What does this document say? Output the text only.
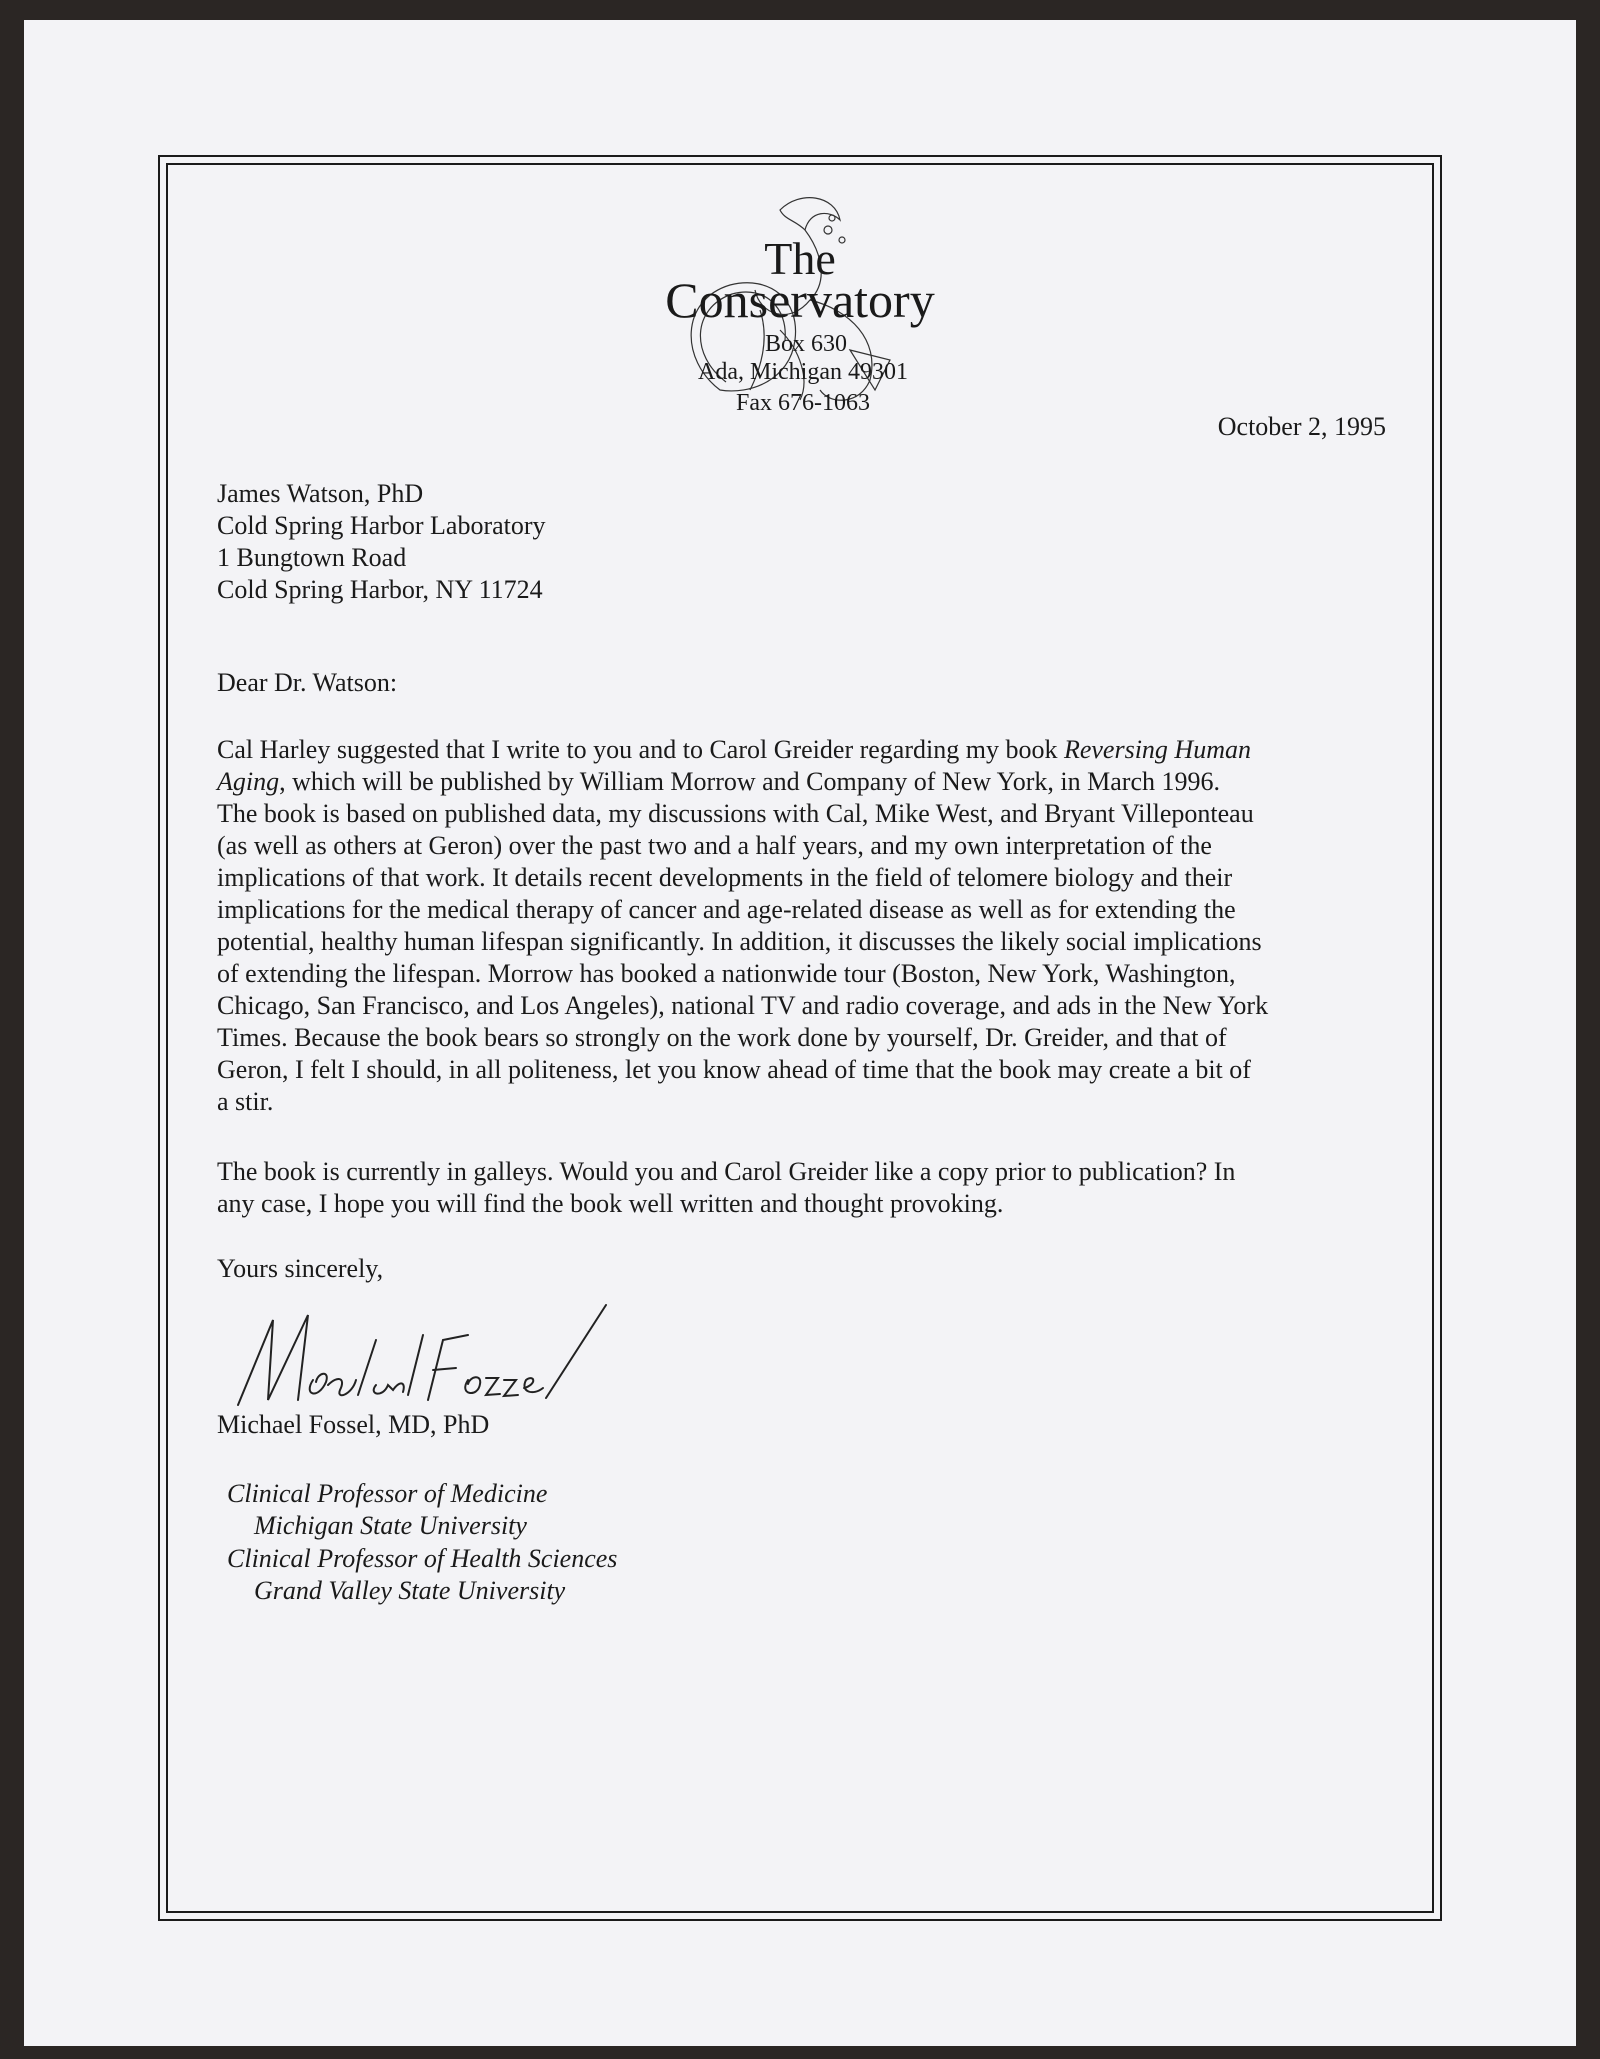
The
Conservatory
Box 630
Ada, Michigan 49301
Fax 676-1063
October 2, 1995
James Watson, PhD
Cold Spring Harbor Laboratory
1 Bungtown Road
Cold Spring Harbor, NY 11724
Dear Dr. Watson:
Cal Harley suggested that I write to you and to Carol Greider regarding my book Reversing Human
Aging, which will be published by William Morrow and Company of New York, in March 1996.
The book is based on published data, my discussions with Cal, Mike West, and Bryant Villeponteau
(as well as others at Geron) over the past two and a half years, and my own interpretation of the
implications of that work. It details recent developments in the field of telomere biology and their
implications for the medical therapy of cancer and age-related disease as well as for extending the
potential, healthy human lifespan significantly. In addition, it discusses the likely social implications
of extending the lifespan. Morrow has booked a nationwide tour (Boston, New York, Washington,
Chicago, San Francisco, and Los Angeles), national TV and radio coverage, and ads in the New York
Times. Because the book bears so strongly on the work done by yourself, Dr. Greider, and that of
Geron, I felt I should, in all politeness, let you know ahead of time that the book may create a bit of
a stir.
The book is currently in galleys. Would you and Carol Greider like a copy prior to publication? In
any case, I hope you will find the book well written and thought provoking.
Yours sincerely,
Michael Fossel, MD, PhD
Clinical Professor of Medicine
Michigan State University
Clinical Professor of Health Sciences
Grand Valley State University
